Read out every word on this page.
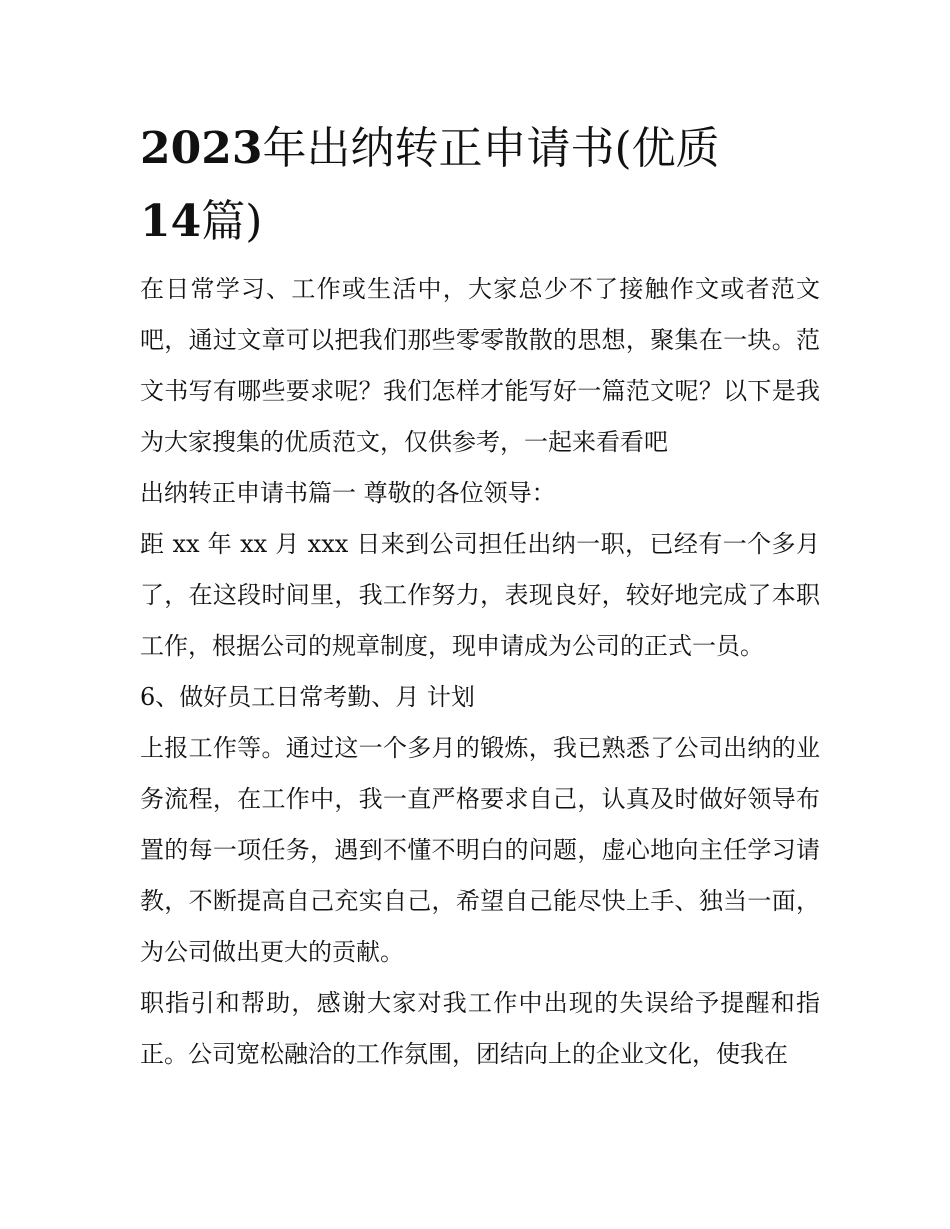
2023年出纳转正申请书(优质
14篇)

在日常学习、工作或生活中，大家总少不了接触作文或者范文吧，通过文章可以把我们那些零零散散的思想，聚集在一块。范文书写有哪些要求呢？我们怎样才能写好一篇范文呢？以下是我为大家搜集的优质范文，仅供参考，一起来看看吧

出纳转正申请书篇一 尊敬的各位领导：

距 xx 年 xx 月 xxx 日来到公司担任出纳一职，已经有一个多月了，在这段时间里，我工作努力，表现良好，较好地完成了本职工作，根据公司的规章制度，现申请成为公司的正式一员。

6、做好员工日常考勤、月 计划

上报工作等。通过这一个多月的锻炼，我已熟悉了公司出纳的业务流程，在工作中，我一直严格要求自己，认真及时做好领导布置的每一项任务，遇到不懂不明白的问题，虚心地向主任学习请教，不断提高自己充实自己，希望自己能尽快上手、独当一面，为公司做出更大的贡献。

职指引和帮助，感谢大家对我工作中出现的失误给予提醒和指正。公司宽松融洽的工作氛围，团结向上的企业文化，使我在
